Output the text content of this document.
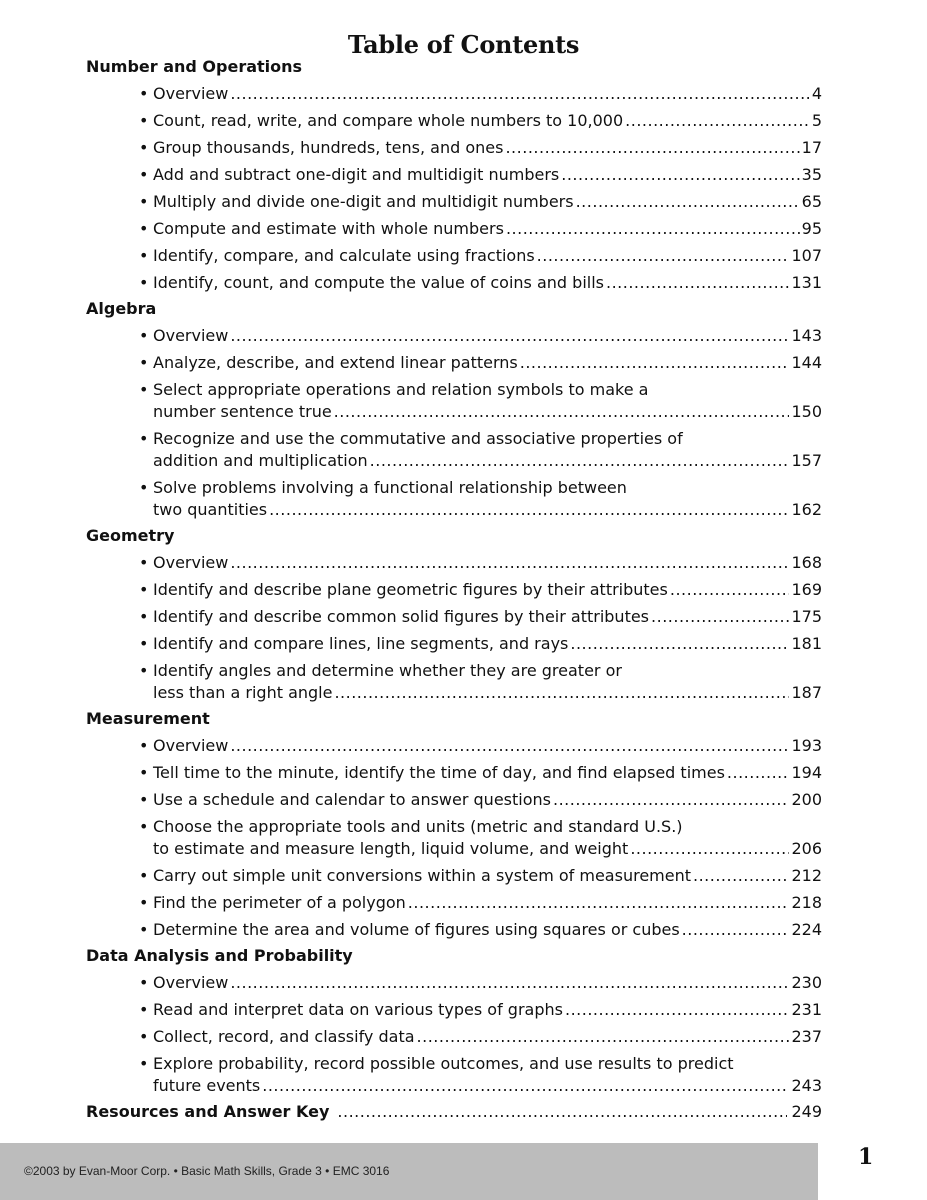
Table of Contents
Number and Operations
• Overview .....	4
• Count, read, write, and compare whole numbers to 10,000 .....	5
• Group thousands, hundreds, tens, and ones .....	17
• Add and subtract one-digit and multidigit numbers .....	35
• Multiply and divide one-digit and multidigit numbers .....	65
• Compute and estimate with whole numbers .....	95
• Identify, compare, and calculate using fractions .....	107
• Identify, count, and compute the value of coins and bills .....	131
Algebra
• Overview .....	143
• Analyze, describe, and extend linear patterns .....	144
• Select appropriate operations and relation symbols to make a
number sentence true .....	150
• Recognize and use the commutative and associative properties of
addition and multiplication .....	157
• Solve problems involving a functional relationship between
two quantities .....	162
Geometry
• Overview .....	168
• Identify and describe plane geometric figures by their attributes .....	169
• Identify and describe common solid figures by their attributes .....	175
• Identify and compare lines, line segments, and rays .....	181
• Identify angles and determine whether they are greater or
less than a right angle .....	187
Measurement
• Overview .....	193
• Tell time to the minute, identify the time of day, and find elapsed times .....	194
• Use a schedule and calendar to answer questions .....	200
• Choose the appropriate tools and units (metric and standard U.S.)
to estimate and measure length, liquid volume, and weight .....	206
• Carry out simple unit conversions within a system of measurement .....	212
• Find the perimeter of a polygon .....	218
• Determine the area and volume of figures using squares or cubes .....	224
Data Analysis and Probability
• Overview .....	230
• Read and interpret data on various types of graphs .....	231
• Collect, record, and classify data .....	237
• Explore probability, record possible outcomes, and use results to predict
future events .....	243
Resources and Answer Key .....	249
©2003 by Evan-Moor Corp. • Basic Math Skills, Grade 3 • EMC 3016
1
